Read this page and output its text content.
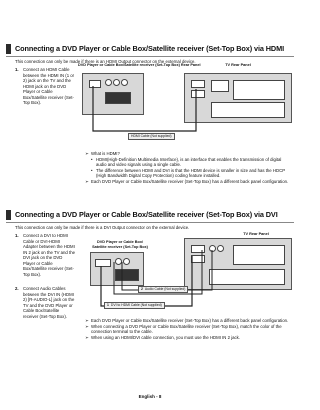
Connecting a DVD Player or Cable Box/Satellite receiver (Set-Top Box) via HDMI
This connection can only be made if there is an HDMI Output connector on the external device.
1. Connect an HDMI Cable between the HDMI IN (1 or 2) jack on the TV and the HDMI jack on the DVD Player or Cable Box/Satellite receiver (Set-Top Box).
DVD Player or Cable Box/Satellite receiver (Set-Top Box) Rear Panel	TV Rear Panel
HDMI Cable (Not supplied)
➣ What is HDMI?
• HDMI(High-Definition Multimedia Interface), is an interface that enables the transmission of digital audio and video signals using a single cable.
• The difference between HDMI and DVI is that the HDMI device is smaller in size and has the HDCP (High Bandwidth Digital Copy Protection) coding feature installed.
➣ Each DVD Player or Cable Box/Satellite receiver (Set-Top Box) has a different back panel configuration.
Connecting a DVD Player or Cable Box/Satellite receiver (Set-Top Box) via DVI
This connection can only be made if there is a DVI Output connector on the external device.
1. Connect a DVI to HDMI Cable or DVI-HDMI Adapter between the HDMI IN 2 jack on the TV and the DVI jack on the DVD Player or Cable Box/Satellite receiver (Set-Top Box).
2. Connect Audio Cables between the DVI IN (HDMI 2) [R-AUDIO-L] jack on the TV and the DVD Player or Cable Box/Satellite receiver (Set-Top Box).
DVD Player or Cable Box/ Satellite receiver (Set-Top Box)
TV Rear Panel
2 Audio Cable (Not supplied)
1 DVI to HDMI Cable (Not supplied)
➣ Each DVD Player or Cable Box/Satellite receiver (Set-Top Box) has a different back panel configuration.
➣ When connecting a DVD Player or Cable Box/Satellite receiver (Set-Top Box), match the color of the connection terminal to the cable.
➣ When using an HDMI/DVI cable connection, you must use the HDMI IN 2 jack.
English - 8
